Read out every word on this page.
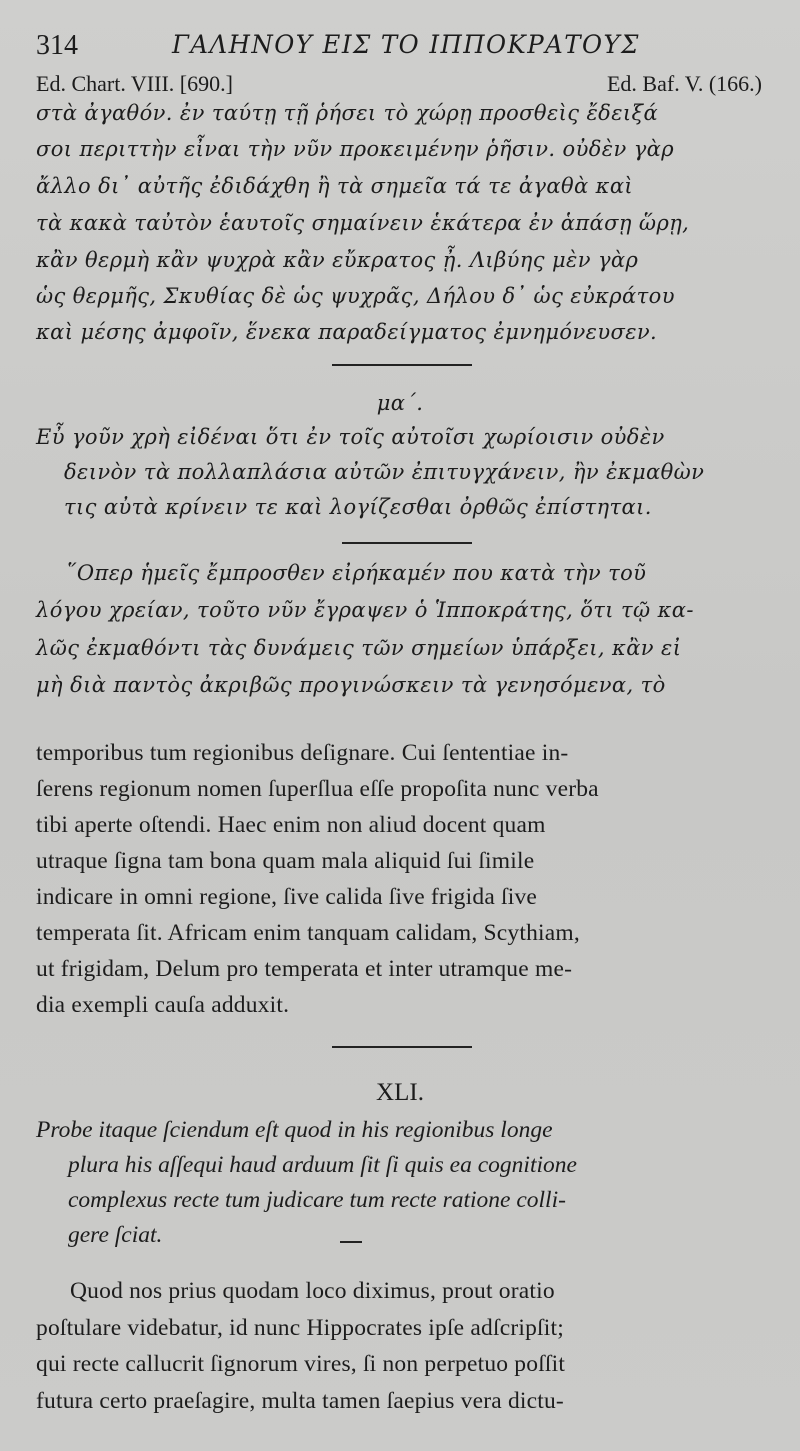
314	ΓΑΛΗΝΟΥ ΕΙΣ ΤΟ ΙΠΠΟΚΡΑΤΟΥΣ
Ed. Chart. VIII. [690.]	Ed. Baf. V. (166.)
στὰ ἀγαθόν. ἐν ταύτῃ τῇ ῥήσει τὸ χώρῃ προσθεὶς ἔδειξά
σοι περιττὴν εἶναι τὴν νῦν προκειμένην ῥῆσιν. οὐδὲν γὰρ
ἄλλο δι᾽ αὐτῆς ἐδιδάχθη ἢ τὰ σημεῖα τά τε ἀγαθὰ καὶ
τὰ κακὰ ταὐτὸν ἑαυτοῖς σημαίνειν ἑκάτερα ἐν ἁπάσῃ ὥρῃ,
κἂν θερμὴ κἂν ψυχρὰ κἂν εὔκρατος ᾖ. Λιβύης μὲν γὰρ
ὡς θερμῆς, Σκυθίας δὲ ὡς ψυχρᾶς, Δήλου δ᾽ ὡς εὐκράτου
καὶ μέσης ἀμφοῖν, ἕνεκα παραδείγματος ἐμνημόνευσεν.
μα΄.
Εὖ γοῦν χρὴ εἰδέναι ὅτι ἐν τοῖς αὐτοῖσι χωρίοισιν οὐδὲν
δεινὸν τὰ πολλαπλάσια αὐτῶν ἐπιτυγχάνειν, ἢν ἐκμαθὼν
τις αὐτὰ κρίνειν τε καὶ λογίζεσθαι ὀρθῶς ἐπίστηται.
῞Οπερ ἡμεῖς ἔμπροσθεν εἰρήκαμέν που κατὰ τὴν τοῦ
λόγου χρείαν, τοῦτο νῦν ἔγραψεν ὁ Ἱπποκράτης, ὅτι τῷ κα-
λῶς ἐκμαθόντι τὰς δυνάμεις τῶν σημείων ὑπάρξει, κἂν εἰ
μὴ διὰ παντὸς ἀκριβῶς προγινώσκειν τὰ γενησόμενα, τὸ
temporibus tum regionibus deſignare. Cui ſententiae in-
ſerens regionum nomen ſuperſlua eſſe propoſita nunc verba
tibi aperte oſtendi. Haec enim non aliud docent quam
utraque ſigna tam bona quam mala aliquid ſui ſimile
indicare in omni regione, ſive calida ſive frigida ſive
temperata ſit. Africam enim tanquam calidam, Scythiam,
ut frigidam, Delum pro temperata et inter utramque me-
dia exempli cauſa adduxit.
XLI.
Probe itaque ſciendum eſt quod in his regionibus longe
plura his aſſequi haud arduum ſit ſi quis ea cognitione
complexus recte tum judicare tum recte ratione colli-
gere ſciat.
Quod nos prius quodam loco diximus, prout oratio
poſtulare videbatur, id nunc Hippocrates ipſe adſcripſit;
qui recte callucrit ſignorum vires, ſi non perpetuo poſſit
futura certo praeſagire, multa tamen ſaepius vera dictu-
